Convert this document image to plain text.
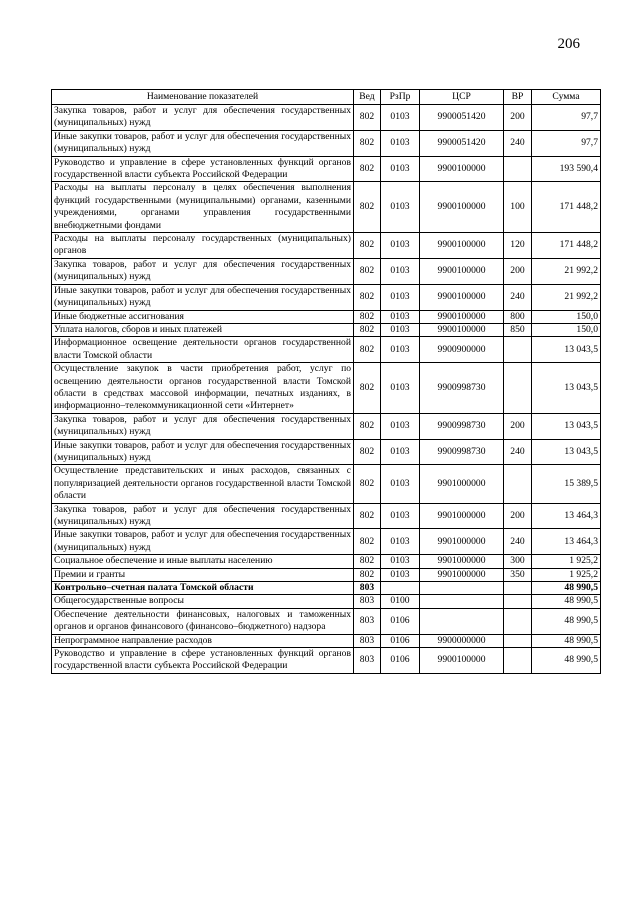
206
Наименование показателей	Вед	РзПр	ЦСР	ВР	Сумма
Закупка товаров, работ и услуг для обеспечения государственных (муниципальных) нужд	802	0103	9900051420	200	97,7
Иные закупки товаров, работ и услуг для обеспечения государственных (муниципальных) нужд	802	0103	9900051420	240	97,7
Руководство и управление в сфере установленных функций органов государственной власти субъекта Российской Федерации	802	0103	9900100000		193 590,4
Расходы на выплаты персоналу в целях обеспечения выполнения функций государственными (муниципальными) органами, казенными учреждениями, органами управления государственными внебюджетными фондами	802	0103	9900100000	100	171 448,2
Расходы на выплаты персоналу государственных (муниципальных) органов	802	0103	9900100000	120	171 448,2
Закупка товаров, работ и услуг для обеспечения государственных (муниципальных) нужд	802	0103	9900100000	200	21 992,2
Иные закупки товаров, работ и услуг для обеспечения государственных (муниципальных) нужд	802	0103	9900100000	240	21 992,2
Иные бюджетные ассигнования	802	0103	9900100000	800	150,0
Уплата налогов, сборов и иных платежей	802	0103	9900100000	850	150,0
Информационное освещение деятельности органов государственной власти Томской области	802	0103	9900900000		13 043,5
Осуществление закупок в части приобретения работ, услуг по освещению деятельности органов государственной власти Томской области в средствах массовой информации, печатных изданиях, в информационно–телекоммуникационной сети «Интернет»	802	0103	9900998730		13 043,5
Закупка товаров, работ и услуг для обеспечения государственных (муниципальных) нужд	802	0103	9900998730	200	13 043,5
Иные закупки товаров, работ и услуг для обеспечения государственных (муниципальных) нужд	802	0103	9900998730	240	13 043,5
Осуществление представительских и иных расходов, связанных с популяризацией деятельности органов государственной власти Томской области	802	0103	9901000000		15 389,5
Закупка товаров, работ и услуг для обеспечения государственных (муниципальных) нужд	802	0103	9901000000	200	13 464,3
Иные закупки товаров, работ и услуг для обеспечения государственных (муниципальных) нужд	802	0103	9901000000	240	13 464,3
Социальное обеспечение и иные выплаты населению	802	0103	9901000000	300	1 925,2
Премии и гранты	802	0103	9901000000	350	1 925,2
Контрольно–счетная палата Томской области	803				48 990,5
Общегосударственные вопросы	803	0100			48 990,5
Обеспечение деятельности финансовых, налоговых и таможенных органов и органов финансового (финансово–бюджетного) надзора	803	0106			48 990,5
Непрограммное направление расходов	803	0106	9900000000		48 990,5
Руководство и управление в сфере установленных функций органов государственной власти субъекта Российской Федерации	803	0106	9900100000		48 990,5
